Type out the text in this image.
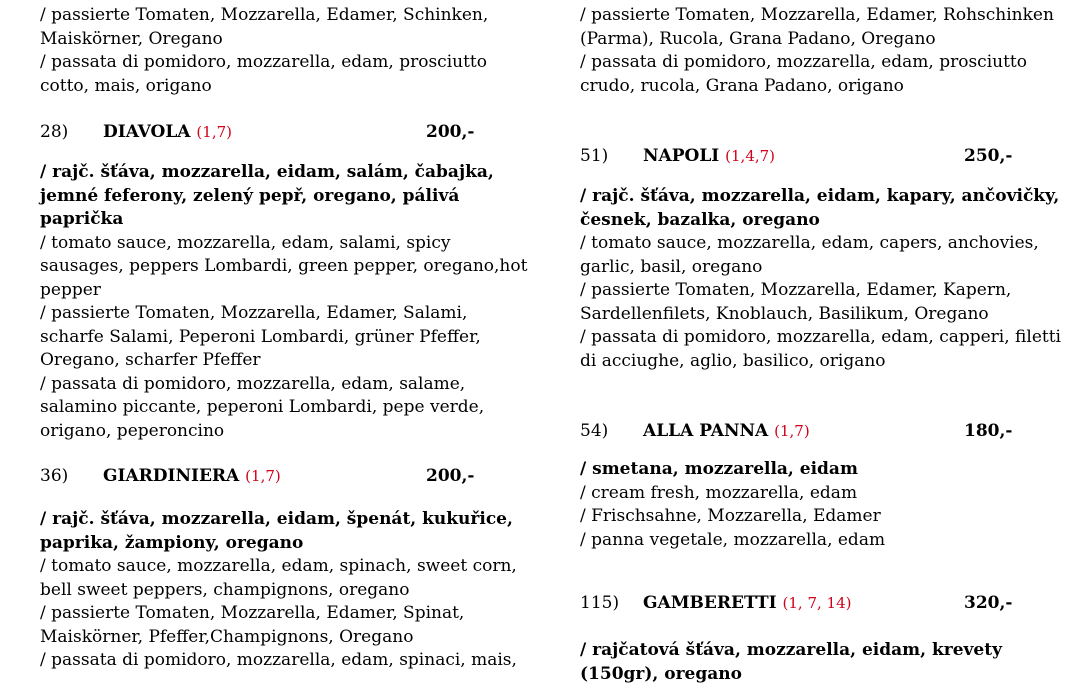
/ passierte Tomaten, Mozzarella, Edamer, Schinken,
Maiskörner, Oregano
/ passata di pomidoro, mozzarella, edam, prosciutto
cotto, mais, origano
28) DIAVOLA (1,7)	200,-
/ rajč. šťáva, mozzarella, eidam, salám, čabajka,
jemné feferony, zelený pepř, oregano, pálivá
paprička
/ tomato sauce, mozzarella, edam, salami, spicy
sausages, peppers Lombardi, green pepper, oregano,hot
pepper
/ passierte Tomaten, Mozzarella, Edamer, Salami,
scharfe Salami, Peperoni Lombardi, grüner Pfeffer,
Oregano, scharfer Pfeffer
/ passata di pomidoro, mozzarella, edam, salame,
salamino piccante, peperoni Lombardi, pepe verde,
origano, peperoncino
36) GIARDINIERA (1,7)	200,-
/ rajč. šťáva, mozzarella, eidam, špenát, kukuřice,
paprika, žampiony, oregano
/ tomato sauce, mozzarella, edam, spinach, sweet corn,
bell sweet peppers, champignons, oregano
/ passierte Tomaten, Mozzarella, Edamer, Spinat,
Maiskörner, Pfeffer,Champignons, Oregano
/ passata di pomidoro, mozzarella, edam, spinaci, mais,
/ passierte Tomaten, Mozzarella, Edamer, Rohschinken
(Parma), Rucola, Grana Padano, Oregano
/ passata di pomidoro, mozzarella, edam, prosciutto
crudo, rucola, Grana Padano, origano
51) NAPOLI (1,4,7)	250,-
/ rajč. šťáva, mozzarella, eidam, kapary, ančovičky,
česnek, bazalka, oregano
/ tomato sauce, mozzarella, edam, capers, anchovies,
garlic, basil, oregano
/ passierte Tomaten, Mozzarella, Edamer, Kapern,
Sardellenfilets, Knoblauch, Basilikum, Oregano
/ passata di pomidoro, mozzarella, edam, capperi, filetti
di acciughe, aglio, basilico, origano
54) ALLA PANNA (1,7)	180,-
/ smetana, mozzarella, eidam
/ cream fresh, mozzarella, edam
/ Frischsahne, Mozzarella, Edamer
/ panna vegetale, mozzarella, edam
115) GAMBERETTI (1, 7, 14)	320,-
/ rajčatová šťáva, mozzarella, eidam, krevety
(150gr), oregano
